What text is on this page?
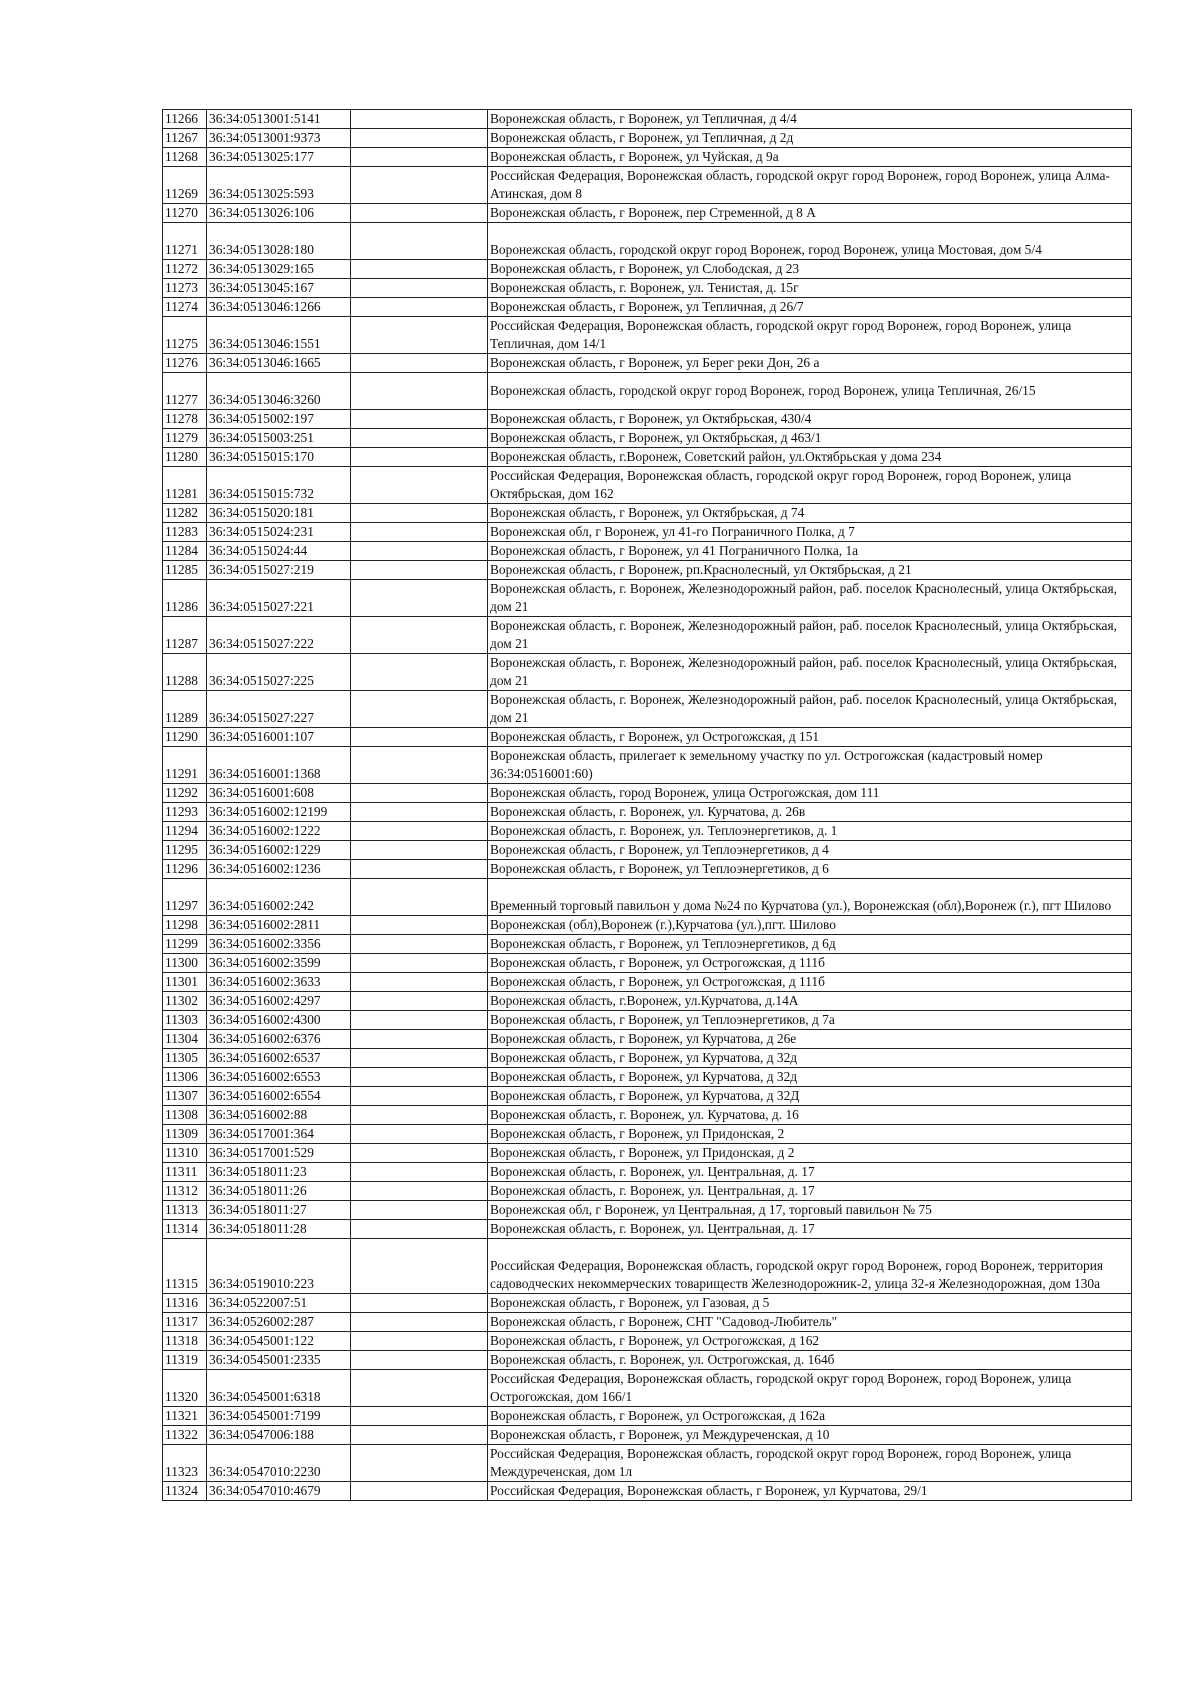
11266	36:34:0513001:5141		Воронежская область, г Воронеж, ул Тепличная, д 4/4
11267	36:34:0513001:9373		Воронежская область, г Воронеж, ул Тепличная, д 2д
11268	36:34:0513025:177		Воронежская область, г Воронеж, ул Чуйская, д 9а
11269	36:34:0513025:593		Российская Федерация, Воронежская область, городской округ город Воронеж, город Воронеж, улица Алма-Атинская, дом 8
11270	36:34:0513026:106		Воронежская область, г Воронеж, пер Стременной, д 8 А
11271	36:34:0513028:180		Воронежская область, городской округ город Воронеж, город Воронеж, улица Мостовая, дом 5/4
11272	36:34:0513029:165		Воронежская область, г Воронеж, ул Слободская, д 23
11273	36:34:0513045:167		Воронежская область, г. Воронеж, ул. Тенистая, д. 15г
11274	36:34:0513046:1266		Воронежская область, г Воронеж, ул Тепличная, д 26/7
11275	36:34:0513046:1551		Российская Федерация, Воронежская область, городской округ город Воронеж, город Воронеж, улица Тепличная, дом 14/1
11276	36:34:0513046:1665		Воронежская область, г Воронеж, ул Берег реки Дон, 26 а
11277	36:34:0513046:3260		Воронежская область, городской округ город Воронеж, город Воронеж, улица Тепличная, 26/15
11278	36:34:0515002:197		Воронежская область, г Воронеж, ул Октябрьская, 430/4
11279	36:34:0515003:251		Воронежская область, г Воронеж, ул Октябрьская, д 463/1
11280	36:34:0515015:170		Воронежская область, г.Воронеж, Советский район, ул.Октябрьская у дома 234
11281	36:34:0515015:732		Российская Федерация, Воронежская область, городской округ город Воронеж, город Воронеж, улица Октябрьская, дом 162
11282	36:34:0515020:181		Воронежская область, г Воронеж, ул Октябрьская, д 74
11283	36:34:0515024:231		Воронежская обл, г Воронеж, ул 41-го Пограничного Полка, д 7
11284	36:34:0515024:44		Воронежская область, г Воронеж, ул 41 Пограничного Полка, 1а
11285	36:34:0515027:219		Воронежская область, г Воронеж, рп.Краснолесный, ул Октябрьская, д 21
11286	36:34:0515027:221		Воронежская область, г. Воронеж, Железнодорожный район, раб. поселок Краснолесный, улица Октябрьская, дом 21
11287	36:34:0515027:222		Воронежская область, г. Воронеж, Железнодорожный район, раб. поселок Краснолесный, улица Октябрьская, дом 21
11288	36:34:0515027:225		Воронежская область, г. Воронеж, Железнодорожный район, раб. поселок Краснолесный, улица Октябрьская, дом 21
11289	36:34:0515027:227		Воронежская область, г. Воронеж, Железнодорожный район, раб. поселок Краснолесный, улица Октябрьская, дом 21
11290	36:34:0516001:107		Воронежская область, г Воронеж, ул Острогожская, д 151
11291	36:34:0516001:1368		Воронежская область, прилегает к земельному участку по ул. Острогожская (кадастровый номер 36:34:0516001:60)
11292	36:34:0516001:608		Воронежская область, город Воронеж, улица Острогожская, дом 111
11293	36:34:0516002:12199		Воронежская область, г. Воронеж, ул. Курчатова, д. 26в
11294	36:34:0516002:1222		Воронежская область, г. Воронеж, ул. Теплоэнергетиков, д. 1
11295	36:34:0516002:1229		Воронежская область, г Воронеж, ул Теплоэнергетиков, д 4
11296	36:34:0516002:1236		Воронежская область, г Воронеж, ул Теплоэнергетиков, д 6
11297	36:34:0516002:242		Временный торговый павильон у дома №24 по Курчатова (ул.), Воронежская (обл),Воронеж (г.), пгт Шилово
11298	36:34:0516002:2811		Воронежская (обл),Воронеж (г.),Курчатова (ул.),пгт. Шилово
11299	36:34:0516002:3356		Воронежская область, г Воронеж, ул Теплоэнергетиков, д 6д
11300	36:34:0516002:3599		Воронежская область, г Воронеж, ул Острогожская, д 111б
11301	36:34:0516002:3633		Воронежская область, г Воронеж, ул Острогожская, д 111б
11302	36:34:0516002:4297		Воронежская область, г.Воронеж, ул.Курчатова, д.14А
11303	36:34:0516002:4300		Воронежская область, г Воронеж, ул Теплоэнергетиков, д 7а
11304	36:34:0516002:6376		Воронежская область, г Воронеж, ул Курчатова, д 26е
11305	36:34:0516002:6537		Воронежская область, г Воронеж, ул Курчатова, д 32д
11306	36:34:0516002:6553		Воронежская область, г Воронеж, ул Курчатова, д 32д
11307	36:34:0516002:6554		Воронежская область, г Воронеж, ул Курчатова, д 32Д
11308	36:34:0516002:88		Воронежская область, г. Воронеж, ул. Курчатова, д. 16
11309	36:34:0517001:364		Воронежская область, г Воронеж, ул Придонская, 2
11310	36:34:0517001:529		Воронежская область, г Воронеж, ул Придонская, д 2
11311	36:34:0518011:23		Воронежская область, г. Воронеж, ул. Центральная, д. 17
11312	36:34:0518011:26		Воронежская область, г. Воронеж, ул. Центральная, д. 17
11313	36:34:0518011:27		Воронежская обл, г Воронеж, ул Центральная, д 17, торговый павильон № 75
11314	36:34:0518011:28		Воронежская область, г. Воронеж, ул. Центральная, д. 17
11315	36:34:0519010:223		Российская Федерация, Воронежская область, городской округ город Воронеж, город Воронеж, территория садоводческих некоммерческих товариществ Железнодорожник-2, улица 32-я Железнодорожная, дом 130а
11316	36:34:0522007:51		Воронежская область, г Воронеж, ул Газовая, д 5
11317	36:34:0526002:287		Воронежская область, г Воронеж, СНТ "Садовод-Любитель"
11318	36:34:0545001:122		Воронежская область, г Воронеж, ул Острогожская, д 162
11319	36:34:0545001:2335		Воронежская область, г. Воронеж, ул. Острогожская, д. 164б
11320	36:34:0545001:6318		Российская Федерация, Воронежская область, городской округ город Воронеж, город Воронеж, улица Острогожская, дом 166/1
11321	36:34:0545001:7199		Воронежская область, г Воронеж, ул Острогожская, д 162а
11322	36:34:0547006:188		Воронежская область, г Воронеж, ул Междуреченская, д 10
11323	36:34:0547010:2230		Российская Федерация, Воронежская область, городской округ город Воронеж, город Воронеж, улица Междуреченская, дом 1л
11324	36:34:0547010:4679		Российская Федерация, Воронежская область, г Воронеж, ул Курчатова, 29/1
